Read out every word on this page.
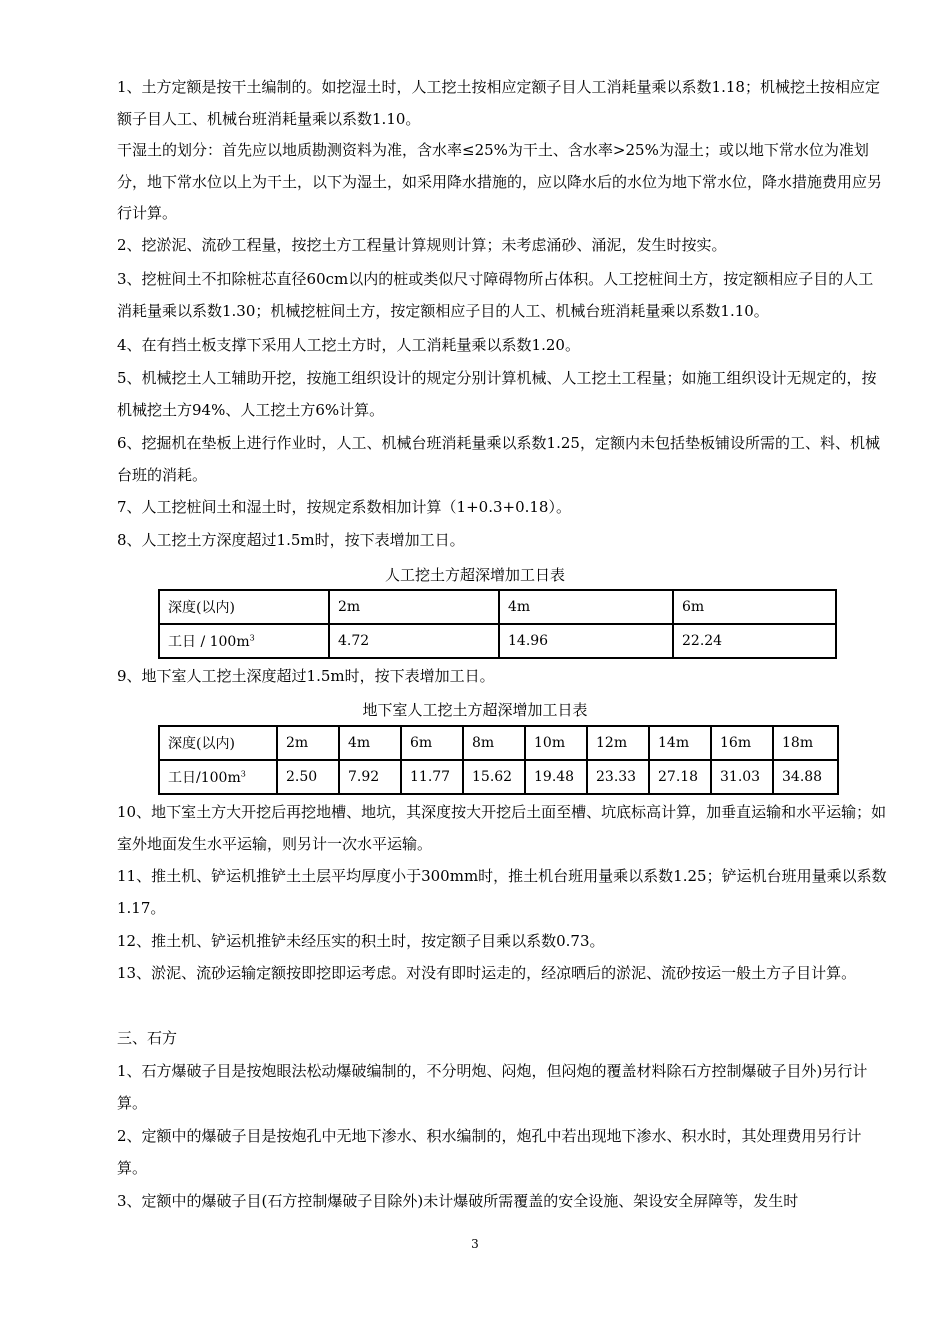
1、土方定额是按干土编制的。如挖湿土时，人工挖土按相应定额子目人工消耗量乘以系数1.18；机械挖土按相应定额子目人工、机械台班消耗量乘以系数1.10。

干湿土的划分：首先应以地质勘测资料为准，含水率≤25%为干土、含水率>25%为湿土；或以地下常水位为准划分，地下常水位以上为干土，以下为湿土，如采用降水措施的，应以降水后的水位为地下常水位，降水措施费用应另行计算。

2、挖淤泥、流砂工程量，按挖土方工程量计算规则计算；未考虑涌砂、涌泥，发生时按实。

3、挖桩间土不扣除桩芯直径60cm以内的桩或类似尺寸障碍物所占体积。人工挖桩间土方，按定额相应子目的人工消耗量乘以系数1.30；机械挖桩间土方，按定额相应子目的人工、机械台班消耗量乘以系数1.10。

4、在有挡土板支撑下采用人工挖土方时，人工消耗量乘以系数1.20。

5、机械挖土人工辅助开挖，按施工组织设计的规定分别计算机械、人工挖土工程量；如施工组织设计无规定的，按机械挖土方94%、人工挖土方6%计算。

6、挖掘机在垫板上进行作业时，人工、机械台班消耗量乘以系数1.25，定额内未包括垫板铺设所需的工、料、机械台班的消耗。

7、人工挖桩间土和湿土时，按规定系数相加计算（1+0.3+0.18）。

8、人工挖土方深度超过1.5m时，按下表增加工日。

人工挖土方超深增加工日表

深度(以内)	2m	4m	6m
工日 / $100m^3$	4.72	14.96	22.24

9、地下室人工挖土深度超过1.5m时，按下表增加工日。

地下室人工挖土方超深增加工日表

深度(以内)	2m	4m	6m	8m	10m	12m	14m	16m	18m
工日$/100m^3$	2.50	7.92	11.77	15.62	19.48	23.33	27.18	31.03	34.88

10、地下室土方大开挖后再挖地槽、地坑，其深度按大开挖后土面至槽、坑底标高计算，加垂直运输和水平运输；如室外地面发生水平运输，则另计一次水平运输。

11、推土机、铲运机推铲土土层平均厚度小于300mm时，推土机台班用量乘以系数1.25；铲运机台班用量乘以系数1.17。

12、推土机、铲运机推铲未经压实的积土时，按定额子目乘以系数0.73。

13、淤泥、流砂运输定额按即挖即运考虑。对没有即时运走的，经凉晒后的淤泥、流砂按运一般土方子目计算。

三、石方

1、石方爆破子目是按炮眼法松动爆破编制的，不分明炮、闷炮，但闷炮的覆盖材料除石方控制爆破子目外)另行计算。

2、定额中的爆破子目是按炮孔中无地下渗水、积水编制的，炮孔中若出现地下渗水、积水时，其处理费用另行计算。

3、定额中的爆破子目(石方控制爆破子目除外)未计爆破所需覆盖的安全设施、架设安全屏障等，发生时

3
